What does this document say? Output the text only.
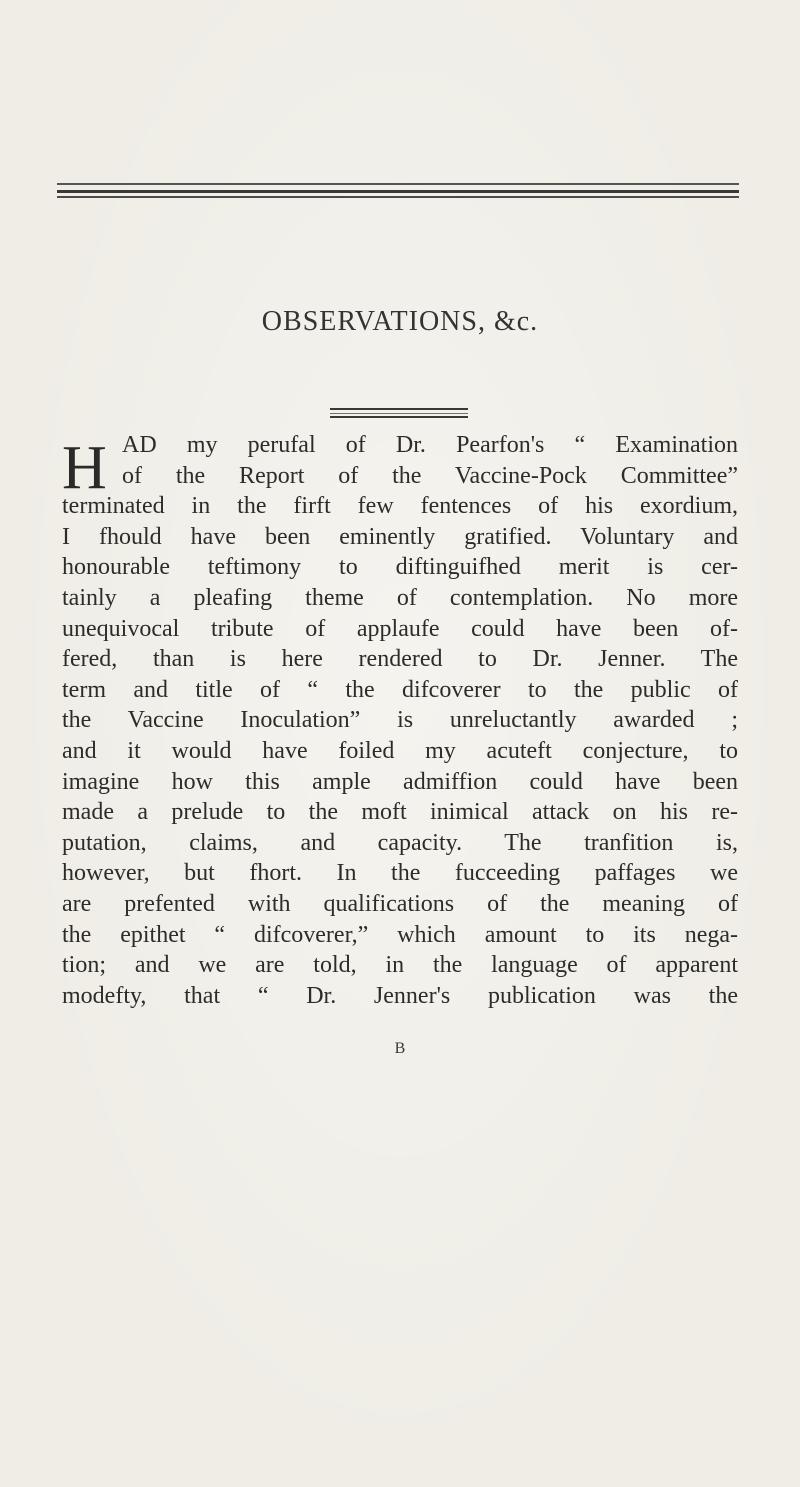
OBSERVATIONS, &c.
H AD my perufal of Dr. Pearfon's “ Examination
of the Report of the Vaccine-Pock Committee”
terminated in the firft few fentences of his exordium,
I fhould have been eminently gratified. Voluntary and
honourable teftimony to diftinguifhed merit is cer-
tainly a pleafing theme of contemplation. No more
unequivocal tribute of applaufe could have been of-
fered, than is here rendered to Dr. Jenner. The
term and title of “ the difcoverer to the public of
the Vaccine Inoculation” is unreluctantly awarded ;
and it would have foiled my acuteft conjecture, to
imagine how this ample admiffion could have been
made a prelude to the moft inimical attack on his re-
putation, claims, and capacity. The tranfition is,
however, but fhort. In the fucceeding paffages we
are prefented with qualifications of the meaning of
the epithet “ difcoverer,” which amount to its nega-
tion; and we are told, in the language of apparent
modefty, that “ Dr. Jenner's publication was the
B
